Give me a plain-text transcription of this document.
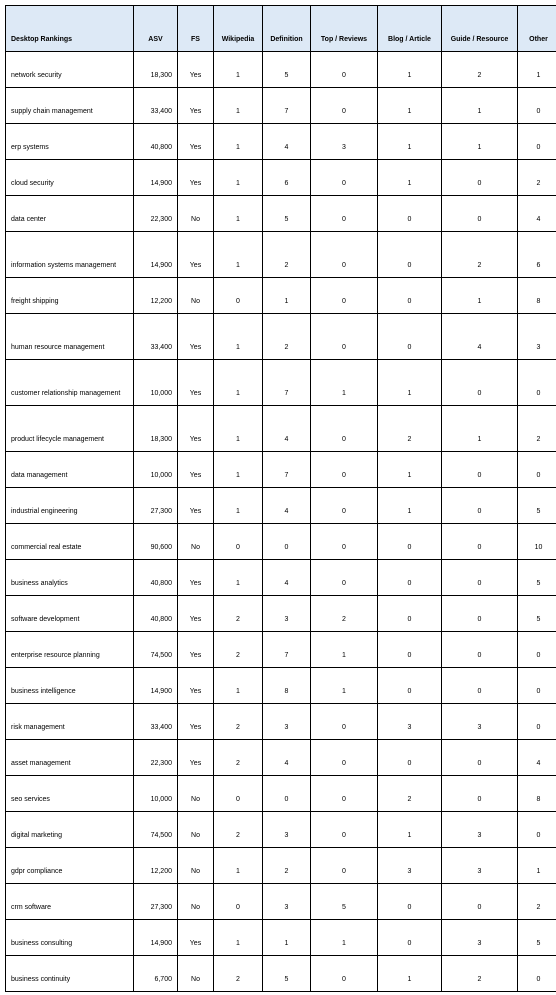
Desktop Rankings	ASV	FS	Wikipedia	Definition	Top / Reviews	Blog / Article	Guide / Resource	Other
network security	18,300	Yes	1	5	0	1	2	1
supply chain management	33,400	Yes	1	7	0	1	1	0
erp systems	40,800	Yes	1	4	3	1	1	0
cloud security	14,900	Yes	1	6	0	1	0	2
data center	22,300	No	1	5	0	0	0	4
information systems management	14,900	Yes	1	2	0	0	2	6
freight shipping	12,200	No	0	1	0	0	1	8
human resource management	33,400	Yes	1	2	0	0	4	3
customer relationship management	10,000	Yes	1	7	1	1	0	0
product lifecycle management	18,300	Yes	1	4	0	2	1	2
data management	10,000	Yes	1	7	0	1	0	0
industrial engineering	27,300	Yes	1	4	0	1	0	5
commercial real estate	90,600	No	0	0	0	0	0	10
business analytics	40,800	Yes	1	4	0	0	0	5
software development	40,800	Yes	2	3	2	0	0	5
enterprise resource planning	74,500	Yes	2	7	1	0	0	0
business intelligence	14,900	Yes	1	8	1	0	0	0
risk management	33,400	Yes	2	3	0	3	3	0
asset management	22,300	Yes	2	4	0	0	0	4
seo services	10,000	No	0	0	0	2	0	8
digital marketing	74,500	No	2	3	0	1	3	0
gdpr compliance	12,200	No	1	2	0	3	3	1
crm software	27,300	No	0	3	5	0	0	2
business consulting	14,900	Yes	1	1	1	0	3	5
business continuity	6,700	No	2	5	0	1	2	0
